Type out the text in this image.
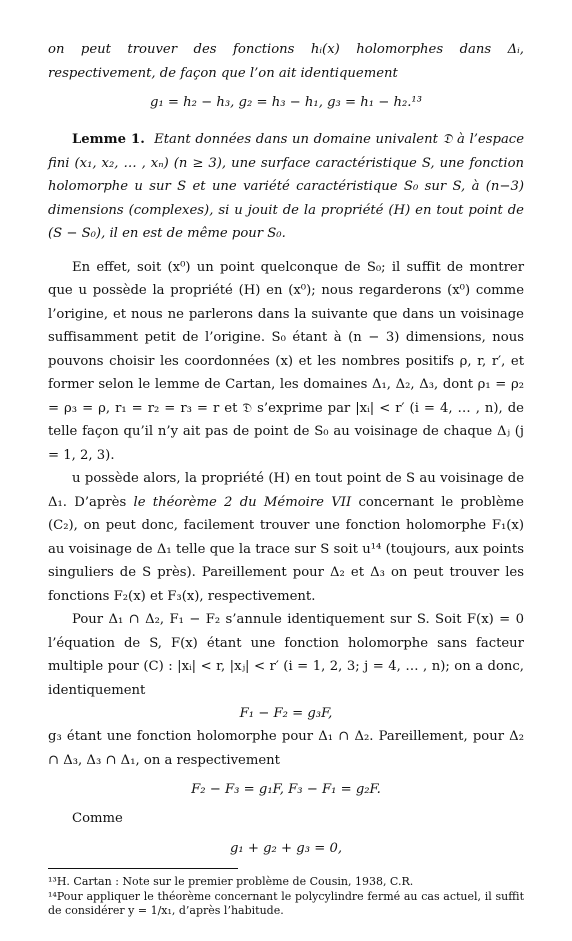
on peut trouver des fonctions hᵢ(x) holomorphes dans Δᵢ, respectivement, de façon que l’on ait identiquement

g₁ = h₂ − h₃, g₂ = h₃ − h₁, g₃ = h₁ − h₂.¹³

Lemme 1. Etant données dans un domaine univalent 𝔇 à l’espace fini (x₁, x₂, … , xₙ) (n ≥ 3), une surface caractéristique S, une fonction holomorphe u sur S et une variété caractéristique S₀ sur S, à (n−3) dimensions (complexes), si u jouit de la propriété (H) en tout point de (S − S₀), il en est de même pour S₀.

En effet, soit (x⁰) un point quelconque de S₀; il suffit de montrer que u possède la propriété (H) en (x⁰); nous regarderons (x⁰) comme l’origine, et nous ne parlerons dans la suivante que dans un voisinage suffisamment petit de l’origine. S₀ étant à (n − 3) dimensions, nous pouvons choisir les coordonnées (x) et les nombres positifs ρ, r, r′, et former selon le lemme de Cartan, les domaines Δ₁, Δ₂, Δ₃, dont ρ₁ = ρ₂ = ρ₃ = ρ, r₁ = r₂ = r₃ = r et 𝔇 s’exprime par |xᵢ| < r′ (i = 4, … , n), de telle façon qu’il n’y ait pas de point de S₀ au voisinage de chaque Δⱼ (j = 1, 2, 3).

u possède alors, la propriété (H) en tout point de S au voisinage de Δ₁. D’après le théorème 2 du Mémoire VII concernant le problème (C₂), on peut donc, facilement trouver une fonction holomorphe F₁(x) au voisinage de Δ₁ telle que la trace sur S soit u¹⁴ (toujours, aux points singuliers de S près). Pareillement pour Δ₂ et Δ₃ on peut trouver les fonctions F₂(x) et F₃(x), respectivement.

Pour Δ₁ ∩ Δ₂, F₁ − F₂ s’annule identiquement sur S. Soit F(x) = 0 l’équation de S, F(x) étant une fonction holomorphe sans facteur multiple pour (C) : |xᵢ| < r, |xⱼ| < r′ (i = 1, 2, 3; j = 4, … , n); on a donc, identiquement

F₁ − F₂ = g₃F,

g₃ étant une fonction holomorphe pour Δ₁ ∩ Δ₂. Pareillement, pour Δ₂ ∩ Δ₃, Δ₃ ∩ Δ₁, on a respectivement

F₂ − F₃ = g₁F, F₃ − F₁ = g₂F.

Comme

g₁ + g₂ + g₃ = 0,

¹³H. Cartan : Note sur le premier problème de Cousin, 1938, C.R.

¹⁴Pour appliquer le théorème concernant le polycylindre fermé au cas actuel, il suffit de considérer y = 1/x₁, d’après l’habitude.
